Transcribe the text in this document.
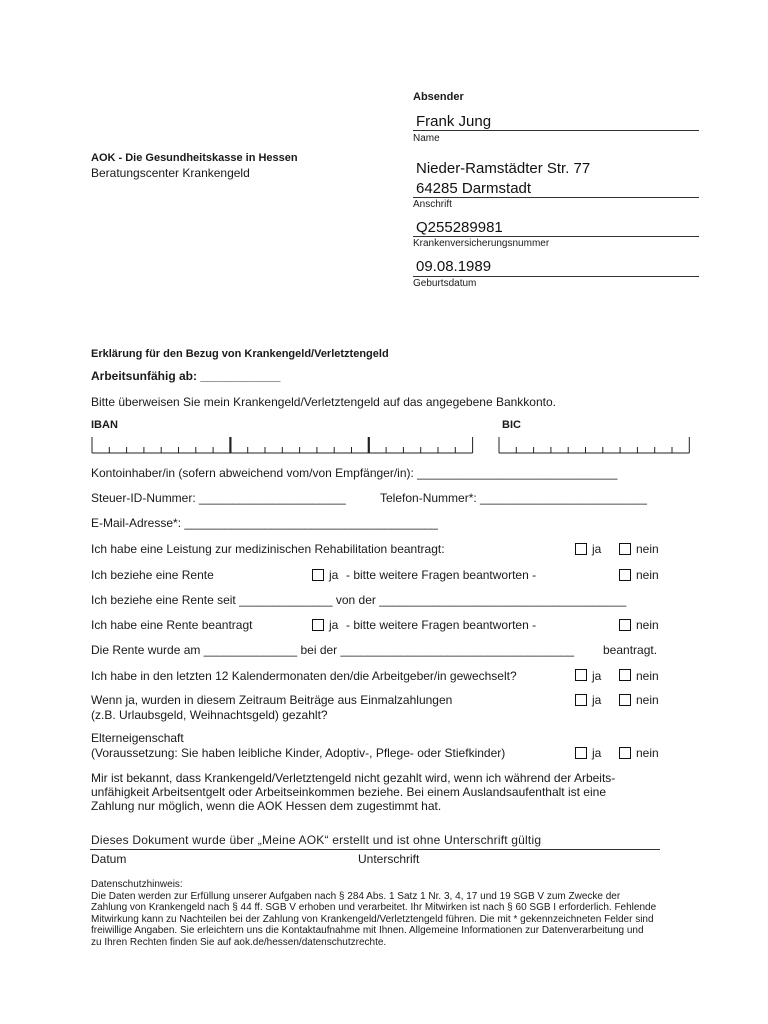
Absender
Frank Jung
Name
Nieder-Ramstädter Str. 77
64285 Darmstadt
Anschrift
Q255289981
Krankenversicherungsnummer
09.08.1989
Geburtsdatum
AOK - Die Gesundheitskasse in Hessen
Beratungscenter Krankengeld
Erklärung für den Bezug von Krankengeld/Verletztengeld
Arbeitsunfähig ab: ____________
Bitte überweisen Sie mein Krankengeld/Verletztengeld auf das angegebene Bankkonto.
IBAN	BIC
Kontoinhaber/in (sofern abweichend vom/von Empfänger/in): ______________________________
Steuer-ID-Nummer: ______________________	Telefon-Nummer*: _________________________
E-Mail-Adresse*: ______________________________________
Ich habe eine Leistung zur medizinischen Rehabilitation beantragt:	ja	nein
Ich beziehe eine Rente	ja - bitte weitere Fragen beantworten -	nein
Ich beziehe eine Rente seit ______________ von der _____________________________________
Ich habe eine Rente beantragt	ja - bitte weitere Fragen beantworten -	nein
Die Rente wurde am ______________ bei der ___________________________________ beantragt.
Ich habe in den letzten 12 Kalendermonaten den/die Arbeitgeber/in gewechselt?	ja	nein
Wenn ja, wurden in diesem Zeitraum Beiträge aus Einmalzahlungen
(z.B. Urlaubsgeld, Weihnachtsgeld) gezahlt?
ja	nein
Elterneigenschaft
(Voraussetzung: Sie haben leibliche Kinder, Adoptiv-, Pflege- oder Stiefkinder)	ja	nein
Mir ist bekannt, dass Krankengeld/Verletztengeld nicht gezahlt wird, wenn ich während der Arbeits-
unfähigkeit Arbeitsentgelt oder Arbeitseinkommen beziehe. Bei einem Auslandsaufenthalt ist eine
Zahlung nur möglich, wenn die AOK Hessen dem zugestimmt hat.
Dieses Dokument wurde über „Meine AOK“ erstellt und ist ohne Unterschrift gültig
Datum	Unterschrift
Datenschutzhinweis:
Die Daten werden zur Erfüllung unserer Aufgaben nach § 284 Abs. 1 Satz 1 Nr. 3, 4, 17 und 19 SGB V zum Zwecke der
Zahlung von Krankengeld nach § 44 ff. SGB V erhoben und verarbeitet. Ihr Mitwirken ist nach § 60 SGB I erforderlich. Fehlende
Mitwirkung kann zu Nachteilen bei der Zahlung von Krankengeld/Verletztengeld führen. Die mit * gekennzeichneten Felder sind
freiwillige Angaben. Sie erleichtern uns die Kontaktaufnahme mit Ihnen. Allgemeine Informationen zur Datenverarbeitung und
zu Ihren Rechten finden Sie auf aok.de/hessen/datenschutzrechte.
